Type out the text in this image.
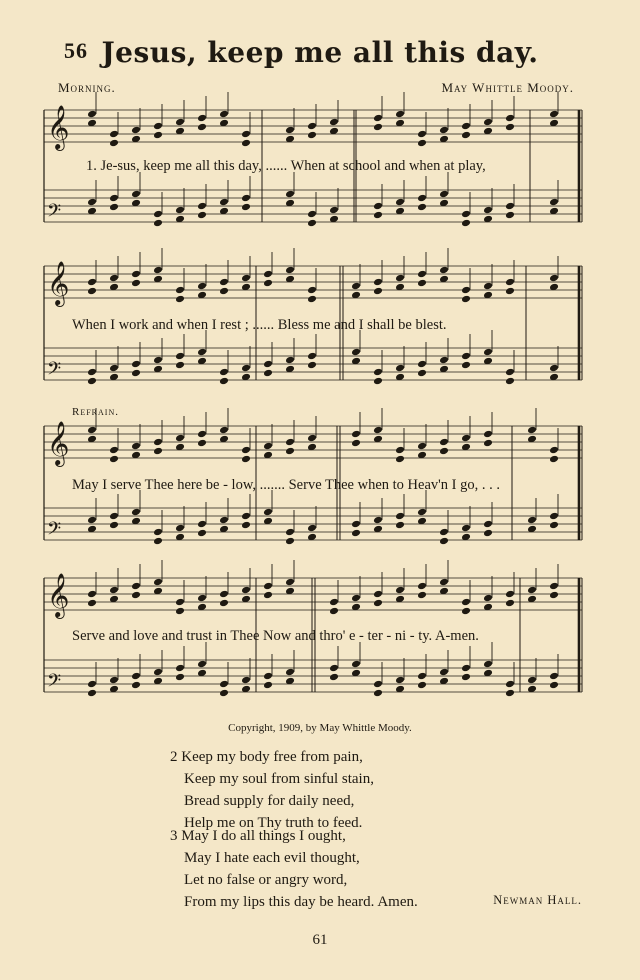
56 Jesus, keep me all this day.
Morning.	May Whittle Moody.
𝄞
𝄢
𝄞
𝄢
𝄞
𝄢
𝄞
𝄢
1. Je-sus, keep me all this day, ...... When at school and when at play,
When I work and when I rest ; ...... Bless me and I shall be blest.
Refrain.
May I serve Thee here be - low, ....... Serve Thee when to Heav'n I go, . . .
Serve and love and trust in Thee Now and thro' e - ter - ni - ty. A-men.
Copyright, 1909, by May Whittle Moody.
2 Keep my body free from pain,
Keep my soul from sinful stain,
Bread supply for daily need,
Help me on Thy truth to feed.
3 May I do all things I ought,
May I hate each evil thought,
Let no false or angry word,
From my lips this day be heard. Amen.	Newman Hall.
61
